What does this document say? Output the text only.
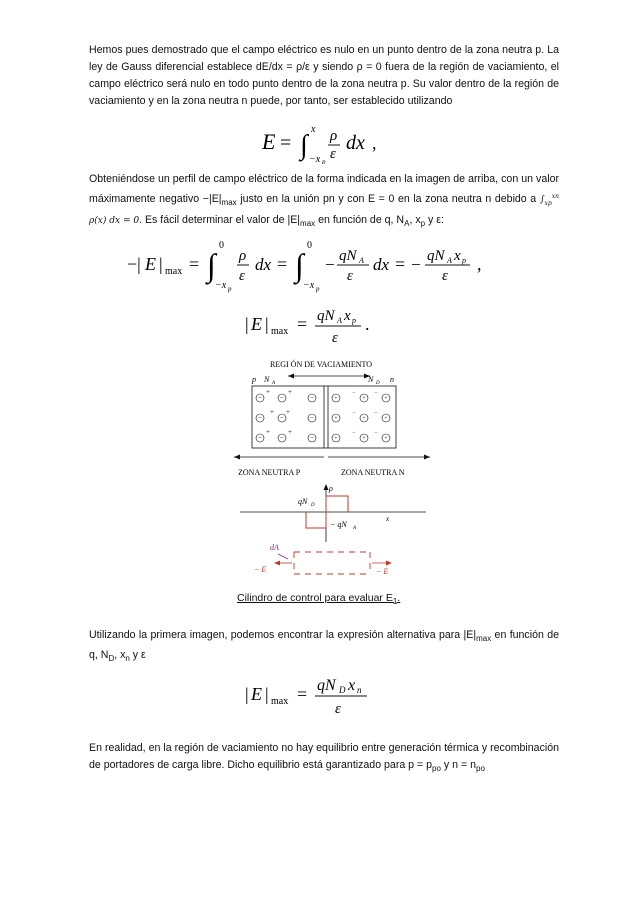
Hemos pues demostrado que el campo eléctrico es nulo en un punto dentro de la zona neutra p. La ley de Gauss diferencial establece dE/dx = ρ/ε y siendo ρ = 0 fuera de la región de vaciamiento, el campo eléctrico será nulo en todo punto dentro de la zona neutra p. Su valor dentro de la región de vaciamiento y en la zona neutra n puede, por tanto, ser establecido utilizando

E = ∫
x
−x p
ρ
ε dx ,

Obteniéndose un perfil de campo eléctrico de la forma indicada en la imagen de arriba, con un valor máximamente negativo $-|E|_{max}$ justo en la unión pn y con E = 0 en la zona neutra n debido a $\int_{xp}^{xn}$ ρ(x) dx = 0. Es fácil determinar el valor de $|E|_{max}$ en función de q, $N_A$, $x_p$ y ε:

−| E | max = ∫
0
−x p
ρ
ε
dx = ∫
0
−x p
− qN A
ε
dx = − qN A x p
ε
,
| E | max = qN A x p
ε
.
REGI ÓN DE VACIAMIENTO
p N A	N D n
−	−	−
−	−	−
−	−	−
+	+
+ +
+	+
+	+	+
+	+	+
+	+	+
−	−
−	−
−	−
ZONA NEUTRA P	ZONA NEUTRA N
ρ
qN D
x
− qN A
dA
− E	− E
Cilindro de control para evaluar $E_1$.

Utilizando la primera imagen, podemos encontrar la expresión alternativa para $|E|_{max}$ en función de q, $N_D$, $x_n$ y ε

| E | max = qN D x n
ε

En realidad, en la región de vaciamiento no hay equilibrio entre generación térmica y recombinación de portadores de carga libre. Dicho equilibrio está garantizado para $p = p_{po}$ y $n = n_{po}$
